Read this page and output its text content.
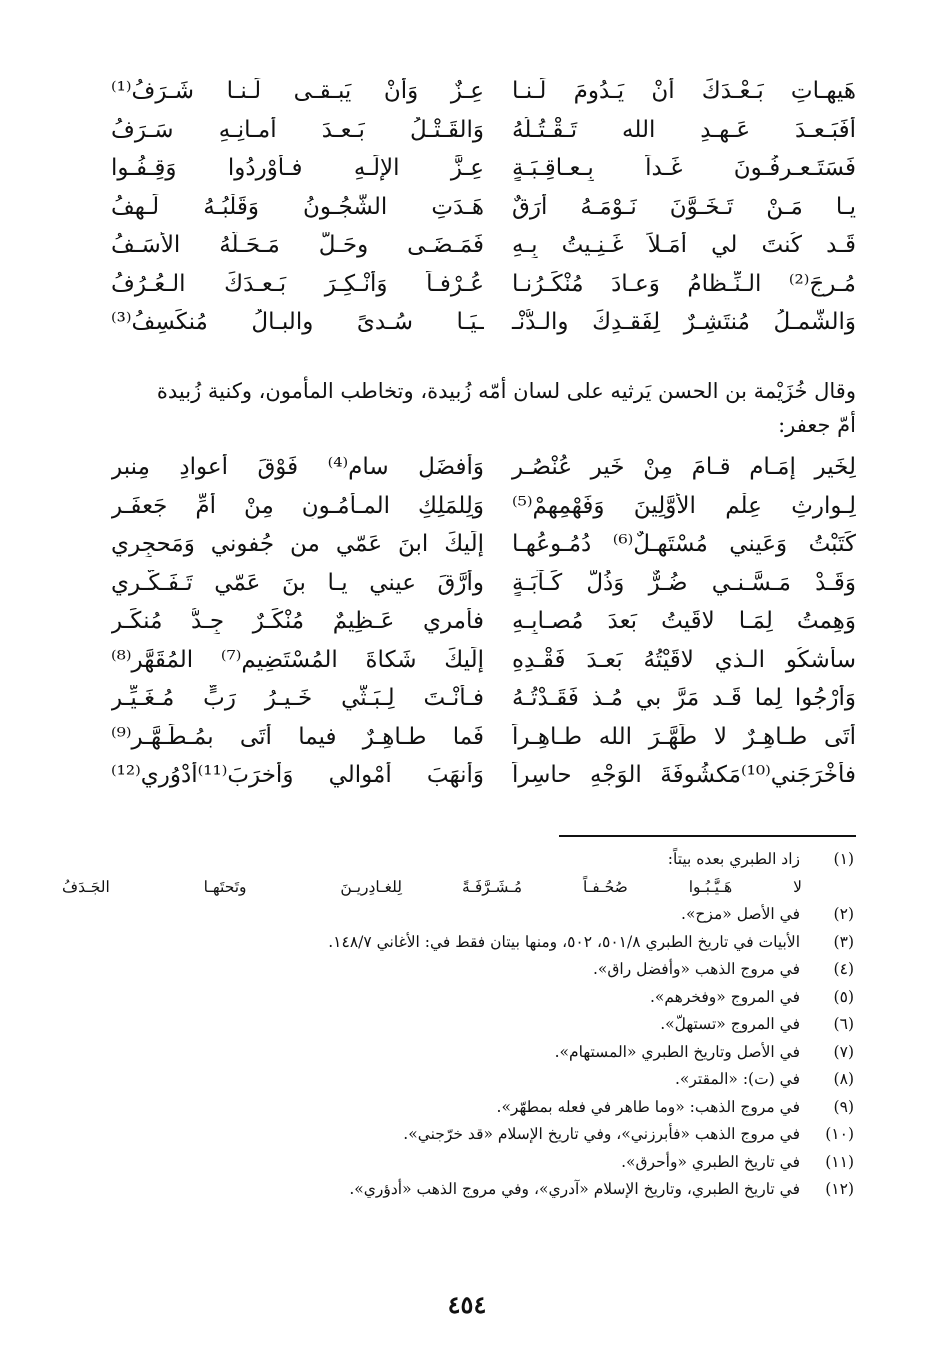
هَيهـاتِ بَـعْـدَكَ أنْ يَـدُومَ لَـنـا
عِـزٌ وَأنْ يَبـقـى لَـنـا شَـرَفُ⁽¹⁾
أفَبَـعـدَ عَـهـدِ الله تَـقْـتُـلُهُ
وَالقَـتْـلُ بَـعـدَ أمـانِـهِ سَـرَفُ
فَسَتَـعـرِفُـونَ غَـداً بِـعـاقِـبَـةٍ
عِـزَّ الإلَـهِ فـأوْرِدُوا وَقِـفُـوا
يـا مَـنْ تَـخَـوَّنَ نَـوْمَـهُ أرَقٌ
هَـدَتِ الشُّجُـونُ وَقَلْبُـهُ لَـهِفُ
قَـد كُنتَ لي أمَـلاً غَـنِـيتُ بِـهِ
فَمَـضَـى وحَـلَّ مَـحَـلَّهُ الأسَـفُ
مُـرِجَ⁽²⁾ الـنِّـظامُ وَعـادَ مُنْكَـرُنـا
عُـرْفـاً وَأنْـكِـرَ بَـعـدَكَ الـعُـرُفُ
وَالشَّمـلُ مُنتَشِـرٌ لِفَقـدِكَ والـدُّنْـ
ـيَـا سُـدىً والبـالُ مُنكَسِفُ⁽³⁾
وقال خُزَيْمة بن الحسن يَرثيه على لسان أمّه زُبيدة، وتخاطب المأمون، وكنية زُبيدة
أمّ جعفر:
لِخَيرِ إمَـامٍ قـامَ مِنْ خَيرِ عُنْصُـرِ
وَأفضَلِ سامٍ⁽⁴⁾ فَوْقَ أعوادِ مِنبرِ
لِـوارِثِ عِلْمِ الأوَّلِينَ وَفَهْمِهِمْ⁽⁵⁾
وَلِلمَلِكِ المـأْمُـونِ مِنْ أُمِّ جَعفَـرِ
كَتَبْتُ وَعَيني مُسْتَهِـلٌ⁽⁶⁾ دُمُـوعُهـا
إلَيكَ ابنَ عَمّي من جُفوني وَمَحجِرِي
وَقَـدْ مَـسَّـنـي ضُـرٌّ وَذُلُّ كَـآبَـةٍ
وأرَّقَ عيني يـا بنَ عَمّي تَـفَـكُّـرِي
وَهِمتُ لِمَـا لاقَيتُ بَعدَ مُصـابِـهِ
فأمري عَـظِيمٌ مُنْكَـرٌ جِـدُّ مُنكَـرِ
سأشكُو الـذي لاقَيْتُهُ بَعـدَ فَقْـدِهِ
إلَيكَ شَكاةَ المُسْتَضِيمِ⁽⁷⁾ المُقَهَّرِ⁽⁸⁾
وَأرْجُوا لِما قَـد مَرَّ بي مُـذ فَقَـدْتُـهُ
فـأنْـتَ لِـبَـثّي خَـيـرُ رَبٍّ مُـغَـيِّـرِ
أتَى طـاهِـرٌ لا طَهَّـرَ الله طـاهِـراً
فَما طـاهِـرٌ فيما أتَى بمُـطَـهَّـرِ⁽⁹⁾
فأخْرَجَني⁽¹⁰⁾مَكشُوفَةَ الوَجْهِ حاسِراً
وَأنهَبَ أمْوالي وَأخرَبَ⁽¹¹⁾أدْوُرِي⁽¹²⁾
(١)
زاد الطبري بعده بيتاً:
لا هَـيَّـبُـوا صُحُـفـاً مُـشَـرَّفَـةً
لِلغـادِريـنَ وتَحتَهـا الجَـدَفُ
(٢)
في الأصل «مزح».
(٣)
الأبيات في تاريخ الطبري ٥٠١/٨، ٥٠٢، ومنها بيتان فقط في: الأغاني ١٤٨/٧.
(٤)
في مروج الذهب «وأفضل راق».
(٥)
في المروج «وفخرهم».
(٦)
في المروج «تستهلّ».
(٧)
في الأصل وتاريخ الطبري «المستهام».
(٨)
في (ت): «المقتر».
(٩)
في مروج الذهب: «وما طاهر في فعله بمطهّر».
(١٠)
في مروج الذهب «فأبرزني»، وفي تاريخ الإسلام «قد خرّجني».
(١١)
في تاريخ الطبري «وأحرق».
(١٢)
في تاريخ الطبري، وتاريخ الإسلام «آدري»، وفي مروج الذهب «أدؤري».
٤٥٤
